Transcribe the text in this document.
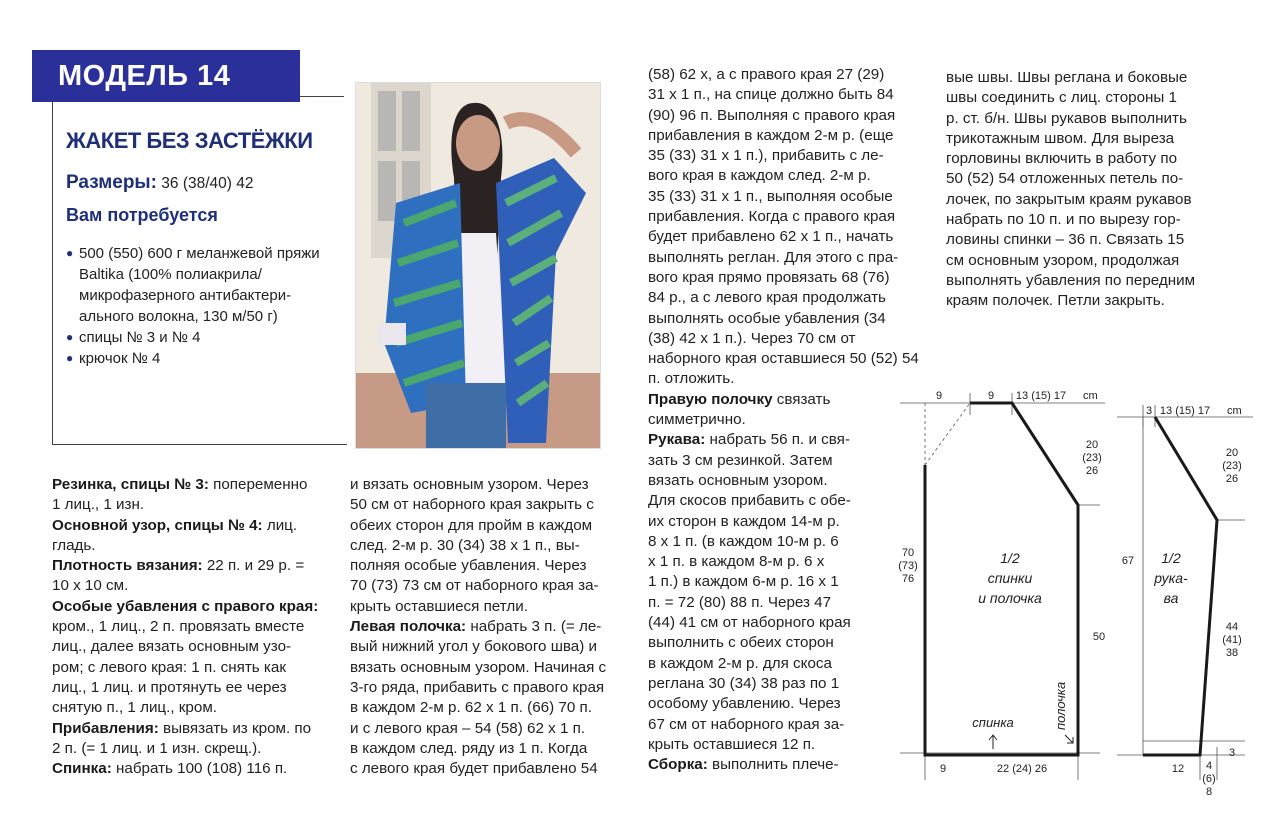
МОДЕЛЬ 14
ЖАКЕТ БЕЗ ЗАСТЁЖКИ
Размеры: 36 (38/40) 42
Вам потребуется
● 500 (550) 600 г меланжевой пряжи Baltika (100% полиакрила/ микрофазерного антибактери- ального волокна, 130 м/50 г)
● спицы № 3 и № 4
● крючок № 4
Резинка, спицы № 3: попеременно
1 лиц., 1 изн.
Основной узор, спицы № 4: лиц.
гладь.
Плотность вязания: 22 п. и 29 р. =
10 х 10 см.
Особые убавления с правого края:
кром., 1 лиц., 2 п. провязать вместе
лиц., далее вязать основным узо-
ром; с левого края: 1 п. снять как
лиц., 1 лиц. и протянуть ее через
снятую п., 1 лиц., кром.
Прибавления: вывязать из кром. по
2 п. (= 1 лиц. и 1 изн. скрещ.).
Спинка: набрать 100 (108) 116 п.
и вязать основным узором. Через
50 см от наборного края закрыть с
обеих сторон для пройм в каждом
след. 2-м р. 30 (34) 38 х 1 п., вы-
полняя особые убавления. Через
70 (73) 73 см от наборного края за-
крыть оставшиеся петли.
Левая полочка: набрать 3 п. (= ле-
вый нижний угол у бокового шва) и
вязать основным узором. Начиная с
3-го ряда, прибавить с правого края
в каждом 2-м р. 62 х 1 п. (66) 70 п.
и с левого края – 54 (58) 62 х 1 п.
в каждом след. ряду из 1 п. Когда
с левого края будет прибавлено 54
(58) 62 х, а с правого края 27 (29)
31 х 1 п., на спице должно быть 84
(90) 96 п. Выполняя с правого края
прибавления в каждом 2-м р. (еще
35 (33) 31 х 1 п.), прибавить с ле-
вого края в каждом след. 2-м р.
35 (33) 31 х 1 п., выполняя особые
прибавления. Когда с правого края
будет прибавлено 62 х 1 п., начать
выполнять реглан. Для этого с пра-
вого края прямо провязать 68 (76)
84 р., а с левого края продолжать
выполнять особые убавления (34
(38) 42 х 1 п.). Через 70 см от
наборного края оставшиеся 50 (52) 54
п. отложить.
Правую полочку связать
симметрично.
Рукава: набрать 56 п. и свя-
зать 3 см резинкой. Затем
вязать основным узором.
Для скосов прибавить с обе-
их сторон в каждом 14-м р.
8 х 1 п. (в каждом 10-м р. 6
х 1 п. в каждом 8-м р. 6 х
1 п.) в каждом 6-м р. 16 х 1
п. = 72 (80) 88 п. Через 47
(44) 41 см от наборного края
выполнить с обеих сторон
в каждом 2-м р. для скоса
реглана 30 (34) 38 раз по 1
особому убавлению. Через
67 см от наборного края за-
крыть оставшиеся 12 п.
Сборка: выполнить плече-
вые швы. Швы реглана и боковые
швы соединить с лиц. стороны 1
р. ст. б/н. Швы рукавов выполнить
трикотажным швом. Для выреза
горловины включить в работу по
50 (52) 54 отложенных петель по-
лочек, по закрытым краям рукавов
набрать по 10 п. и по вырезу гор-
ловины спинки – 36 п. Связать 15
см основным узором, продолжая
выполнять убавления по передним
краям полочек. Петли закрыть.
9	9 13 (15) 17 cm
20
(23)
26
70
(73)
76
50
1/2
спинки
и полочка
спинка	полочка
9	22 (24) 26
3 13 (15) 17 cm
20
(23)
26
67
44
(41)
38
3
1/2
рука-
ва
12 4
(6)
8
